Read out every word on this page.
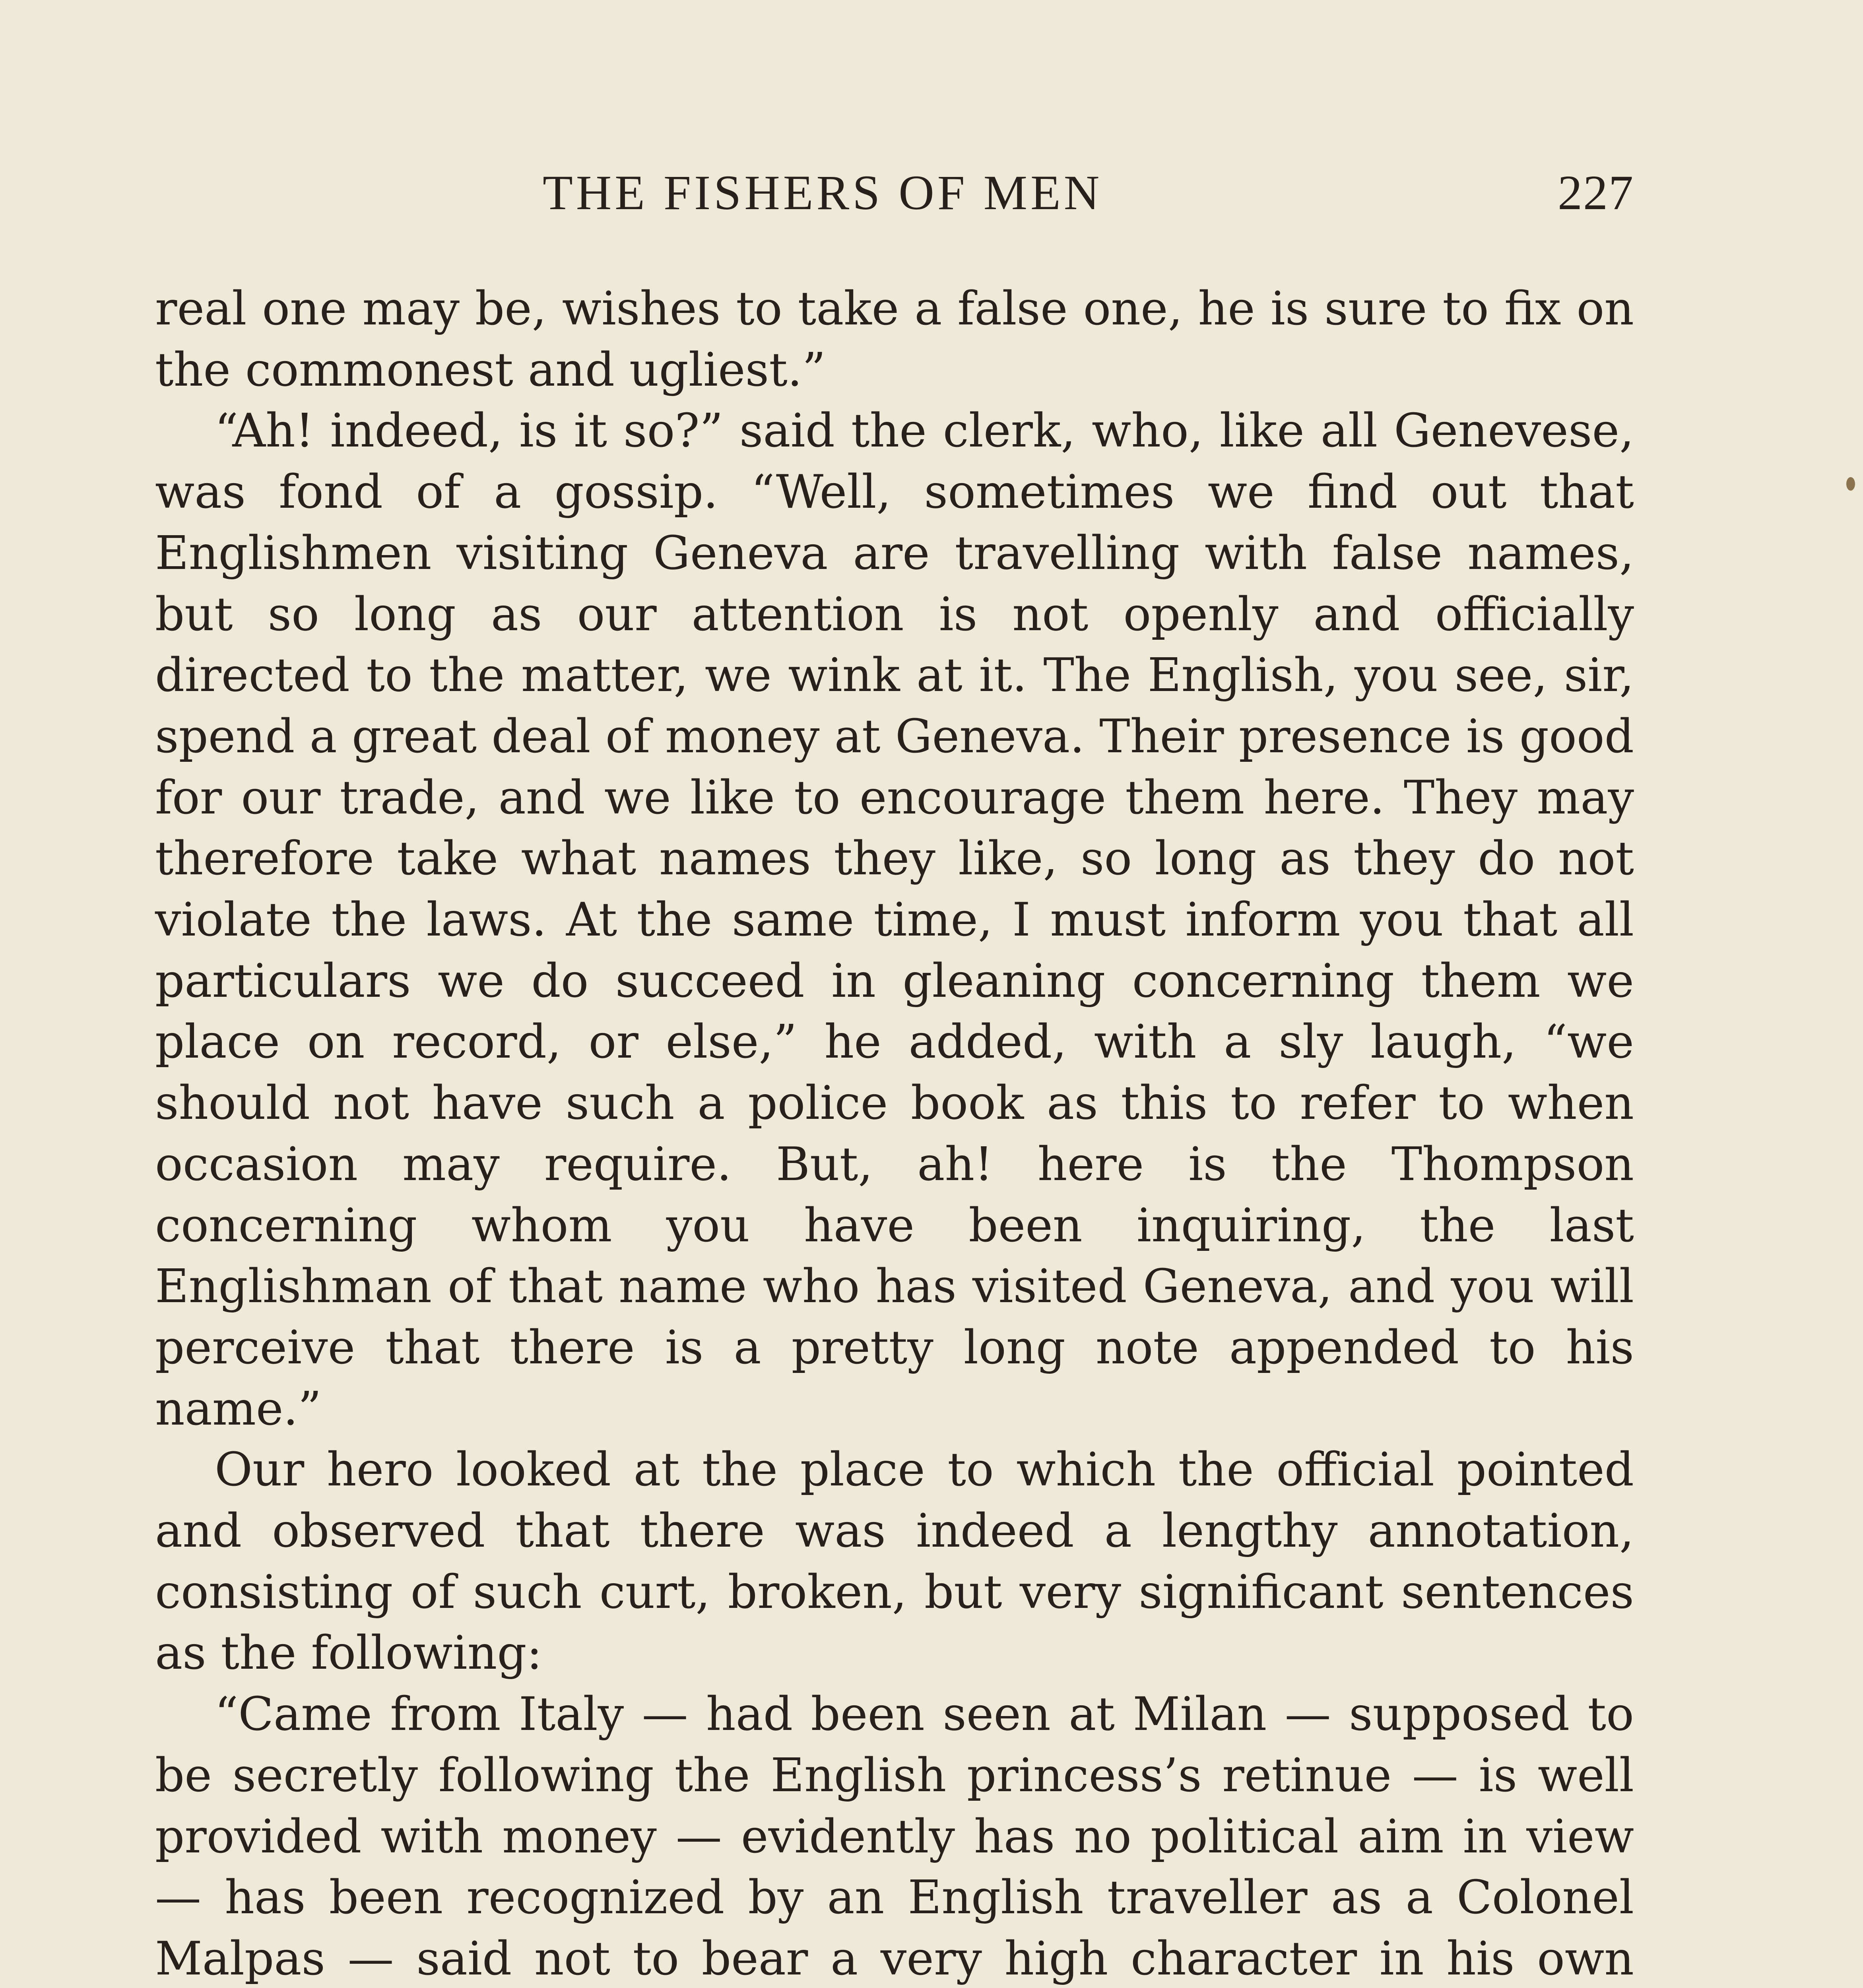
THE FISHERS OF MEN	227

real one may be, wishes to take a false one, he is sure to fix on the commonest and ugliest.”

“Ah! indeed, is it so?” said the clerk, who, like all Genevese, was fond of a gossip. “Well, sometimes we find out that Englishmen visiting Geneva are travelling with false names, but so long as our attention is not openly and officially directed to the matter, we wink at it. The English, you see, sir, spend a great deal of money at Geneva. Their presence is good for our trade, and we like to encourage them here. They may therefore take what names they like, so long as they do not violate the laws. At the same time, I must inform you that all particulars we do succeed in gleaning concerning them we place on record, or else,” he added, with a sly laugh, “we should not have such a police book as this to refer to when occasion may require. But, ah! here is the Thompson concerning whom you have been inquiring, the last Englishman of that name who has visited Geneva, and you will perceive that there is a pretty long note appended to his name.”

Our hero looked at the place to which the official pointed and observed that there was indeed a lengthy annotation, consisting of such curt, broken, but very significant sentences as the following:

“Came from Italy — had been seen at Milan — supposed to be secretly following the English princess’s retinue — is well provided with money — evidently has no political aim in view — has been recognized by an English traveller as a Colonel Malpas — said not to bear a very high character in his own
